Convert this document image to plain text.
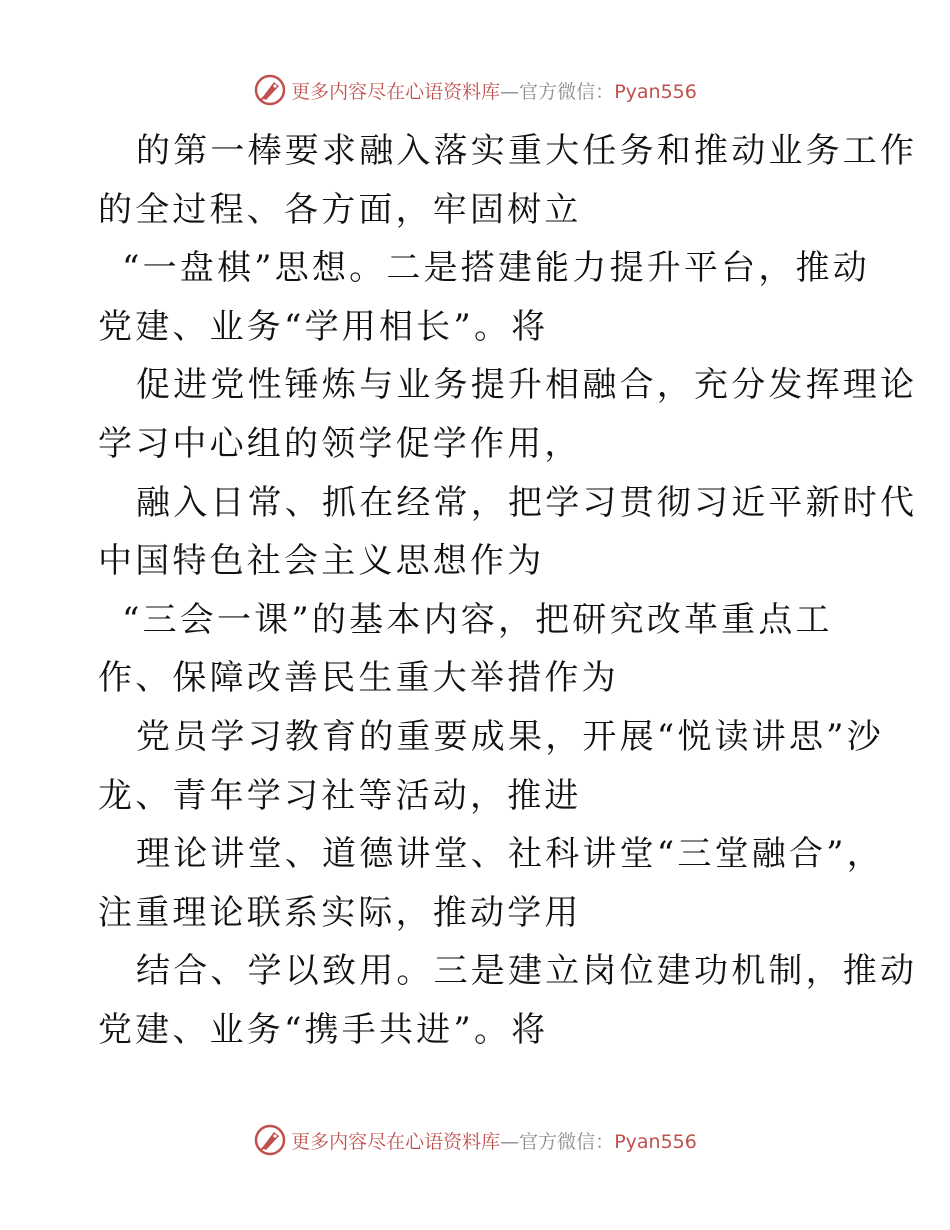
更多内容尽在心语资料库—官方微信：Pyan556
的第一棒要求融入落实重大任务和推动业务工作
的全过程、各方面，牢固树立
“一盘棋”思想。二是搭建能力提升平台，推动
党建、业务“学用相长”。将
促进党性锤炼与业务提升相融合，充分发挥理论
学习中心组的领学促学作用，
融入日常、抓在经常，把学习贯彻习近平新时代
中国特色社会主义思想作为
“三会一课”的基本内容，把研究改革重点工
作、保障改善民生重大举措作为
党员学习教育的重要成果，开展“悦读讲思”沙
龙、青年学习社等活动，推进
理论讲堂、道德讲堂、社科讲堂“三堂融合”，
注重理论联系实际，推动学用
结合、学以致用。三是建立岗位建功机制，推动
党建、业务“携手共进”。将
更多内容尽在心语资料库—官方微信：Pyan556
